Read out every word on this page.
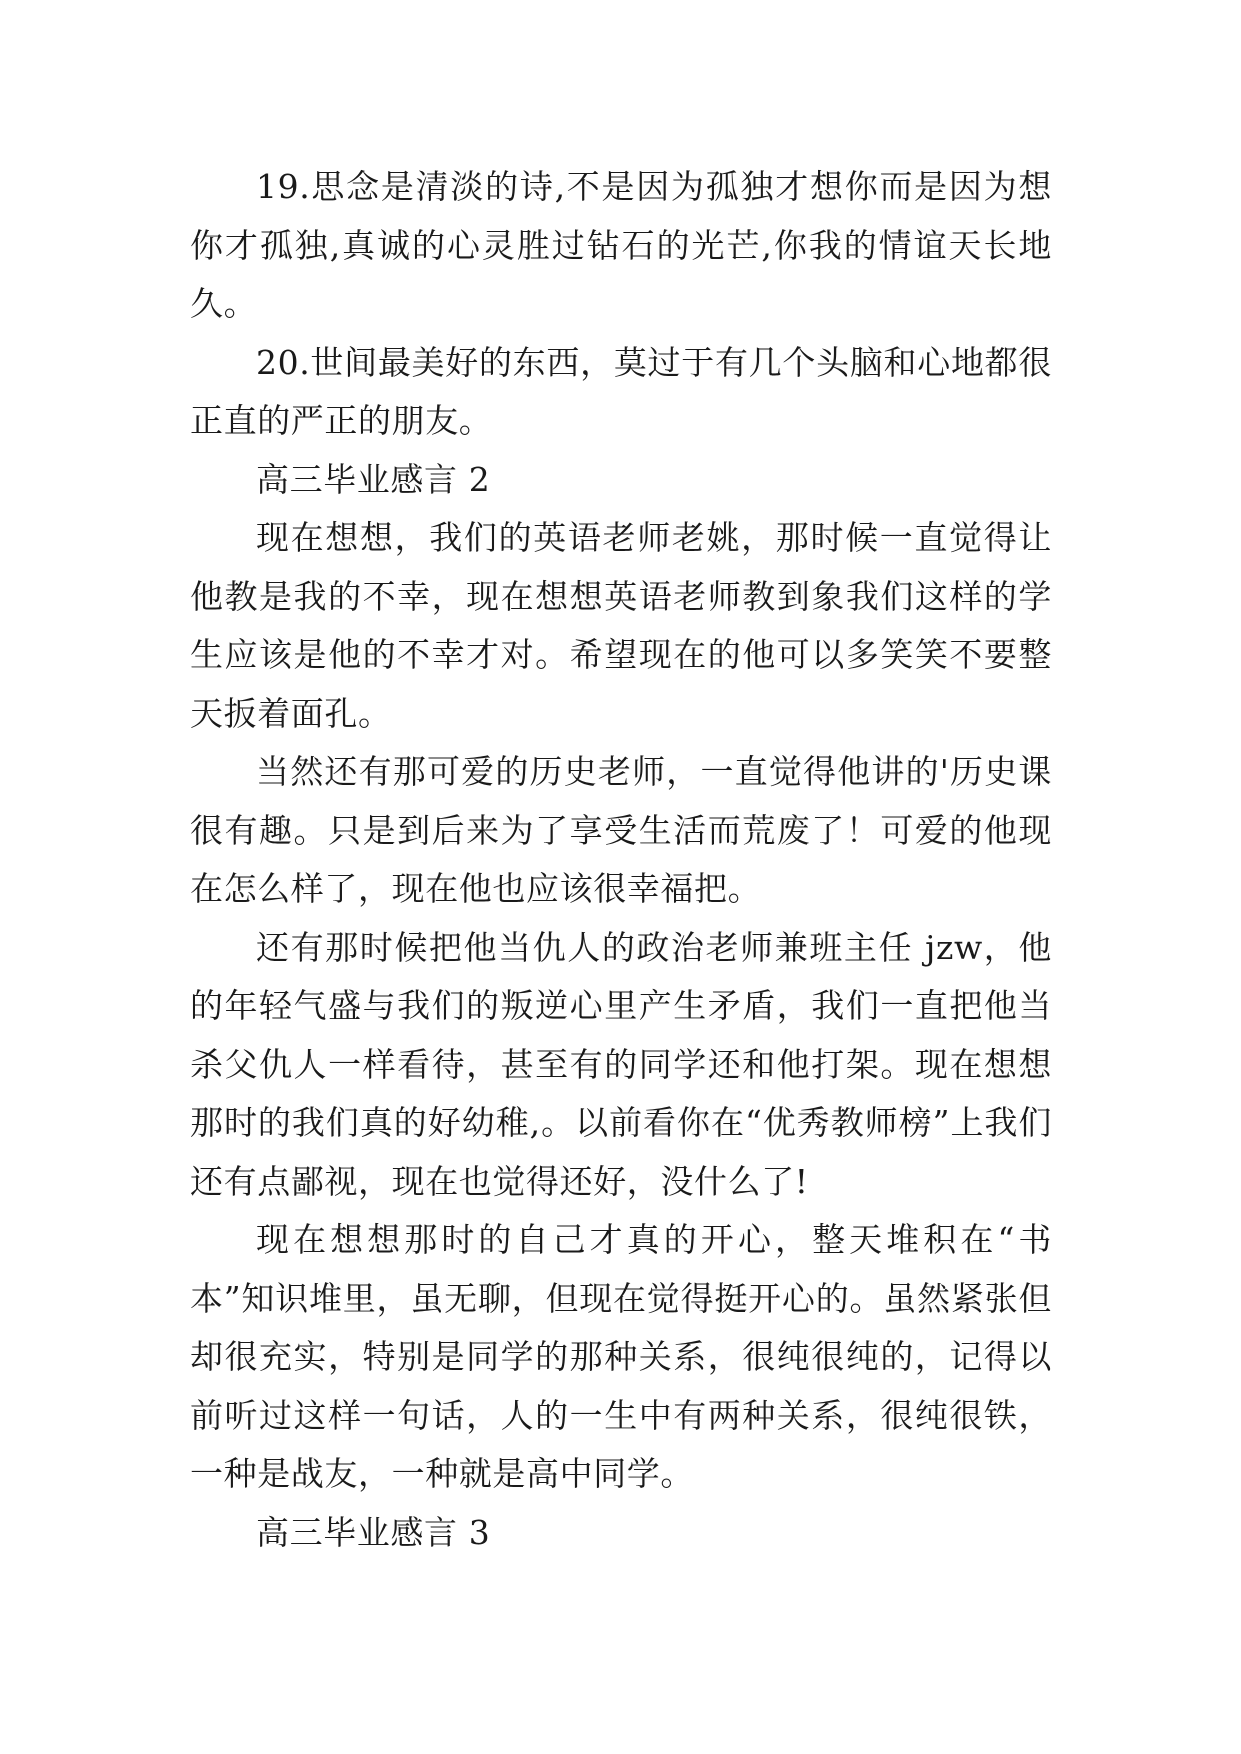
19.思念是清淡的诗,不是因为孤独才想你而是因为想你才孤独,真诚的心灵胜过钻石的光芒,你我的情谊天长地久。

20.世间最美好的东西，莫过于有几个头脑和心地都很正直的严正的朋友。

高三毕业感言 2

现在想想，我们的英语老师老姚，那时候一直觉得让他教是我的不幸，现在想想英语老师教到象我们这样的学生应该是他的不幸才对。希望现在的他可以多笑笑不要整天扳着面孔。

当然还有那可爱的历史老师，一直觉得他讲的'历史课很有趣。只是到后来为了享受生活而荒废了！可爱的他现在怎么样了，现在他也应该很幸福把。

还有那时候把他当仇人的政治老师兼班主任 jzw，他的年轻气盛与我们的叛逆心里产生矛盾，我们一直把他当杀父仇人一样看待，甚至有的同学还和他打架。现在想想那时的我们真的好幼稚,。以前看你在“优秀教师榜”上我们还有点鄙视，现在也觉得还好，没什么了!

现在想想那时的自己才真的开心，整天堆积在“书本”知识堆里，虽无聊，但现在觉得挺开心的。虽然紧张但却很充实，特别是同学的那种关系，很纯很纯的，记得以前听过这样一句话，人的一生中有两种关系，很纯很铁，一种是战友，一种就是高中同学。

高三毕业感言 3
